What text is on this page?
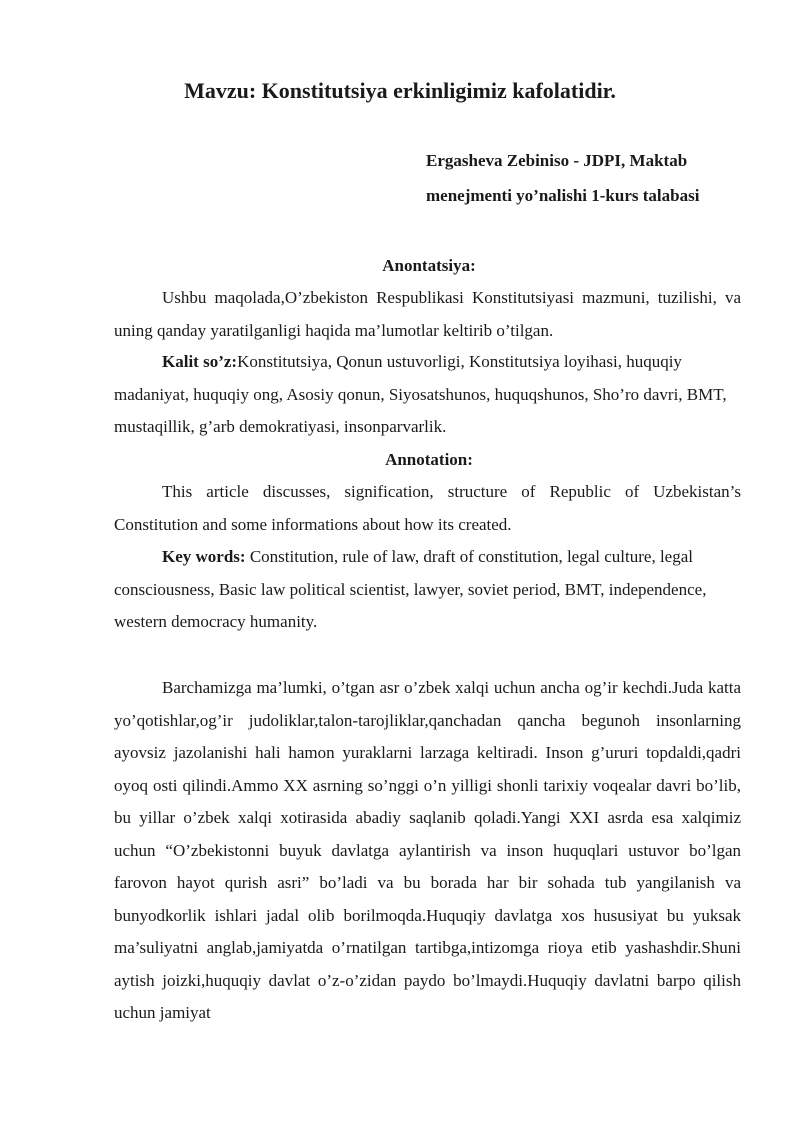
Mavzu: Konstitutsiya erkinligimiz kafolatidir.
Ergasheva Zebiniso - JDPI, Maktab
menejmenti yo’nalishi 1-kurs talabasi
Anontatsiya:

Ushbu maqolada,O’zbekiston Respublikasi Konstitutsiyasi mazmuni, tuzilishi, va uning qanday yaratilganligi haqida ma’lumotlar keltirib o’tilgan.

Kalit so’z:Konstitutsiya, Qonun ustuvorligi, Konstitutsiya loyihasi, huquqiy madaniyat, huquqiy ong, Asosiy qonun, Siyosatshunos, huquqshunos, Sho’ro davri, BMT, mustaqillik, g’arb demokratiyasi, insonparvarlik.

Annotation:

This article discusses, signification, structure of Republic of Uzbekistan’s Constitution and some informations about how its created.

Key words: Constitution, rule of law, draft of constitution, legal culture, legal consciousness, Basic law political scientist, lawyer, soviet period, BMT, independence, western democracy humanity.

Barchamizga ma’lumki, o’tgan asr o’zbek xalqi uchun ancha og’ir kechdi.Juda katta yo’qotishlar,og’ir judoliklar,talon-tarojliklar,qanchadan qancha begunoh insonlarning ayovsiz jazolanishi hali hamon yuraklarni larzaga keltiradi. Inson g’ururi topdaldi,qadri oyoq osti qilindi.Ammo XX asrning so’nggi o’n yilligi shonli tarixiy voqealar davri bo’lib, bu yillar o’zbek xalqi xotirasida abadiy saqlanib qoladi.Yangi XXI asrda esa xalqimiz uchun “O’zbekistonni buyuk davlatga aylantirish va inson huquqlari ustuvor bo’lgan farovon hayot qurish asri” bo’ladi va bu borada har bir sohada tub yangilanish va bunyodkorlik ishlari jadal olib borilmoqda.Huquqiy davlatga xos hususiyat bu yuksak ma’suliyatni anglab,jamiyatda o’rnatilgan tartibga,intizomga rioya etib yashashdir.Shuni aytish joizki,huquqiy davlat o’z-o’zidan paydo bo’lmaydi.Huquqiy davlatni barpo qilish uchun jamiyat
